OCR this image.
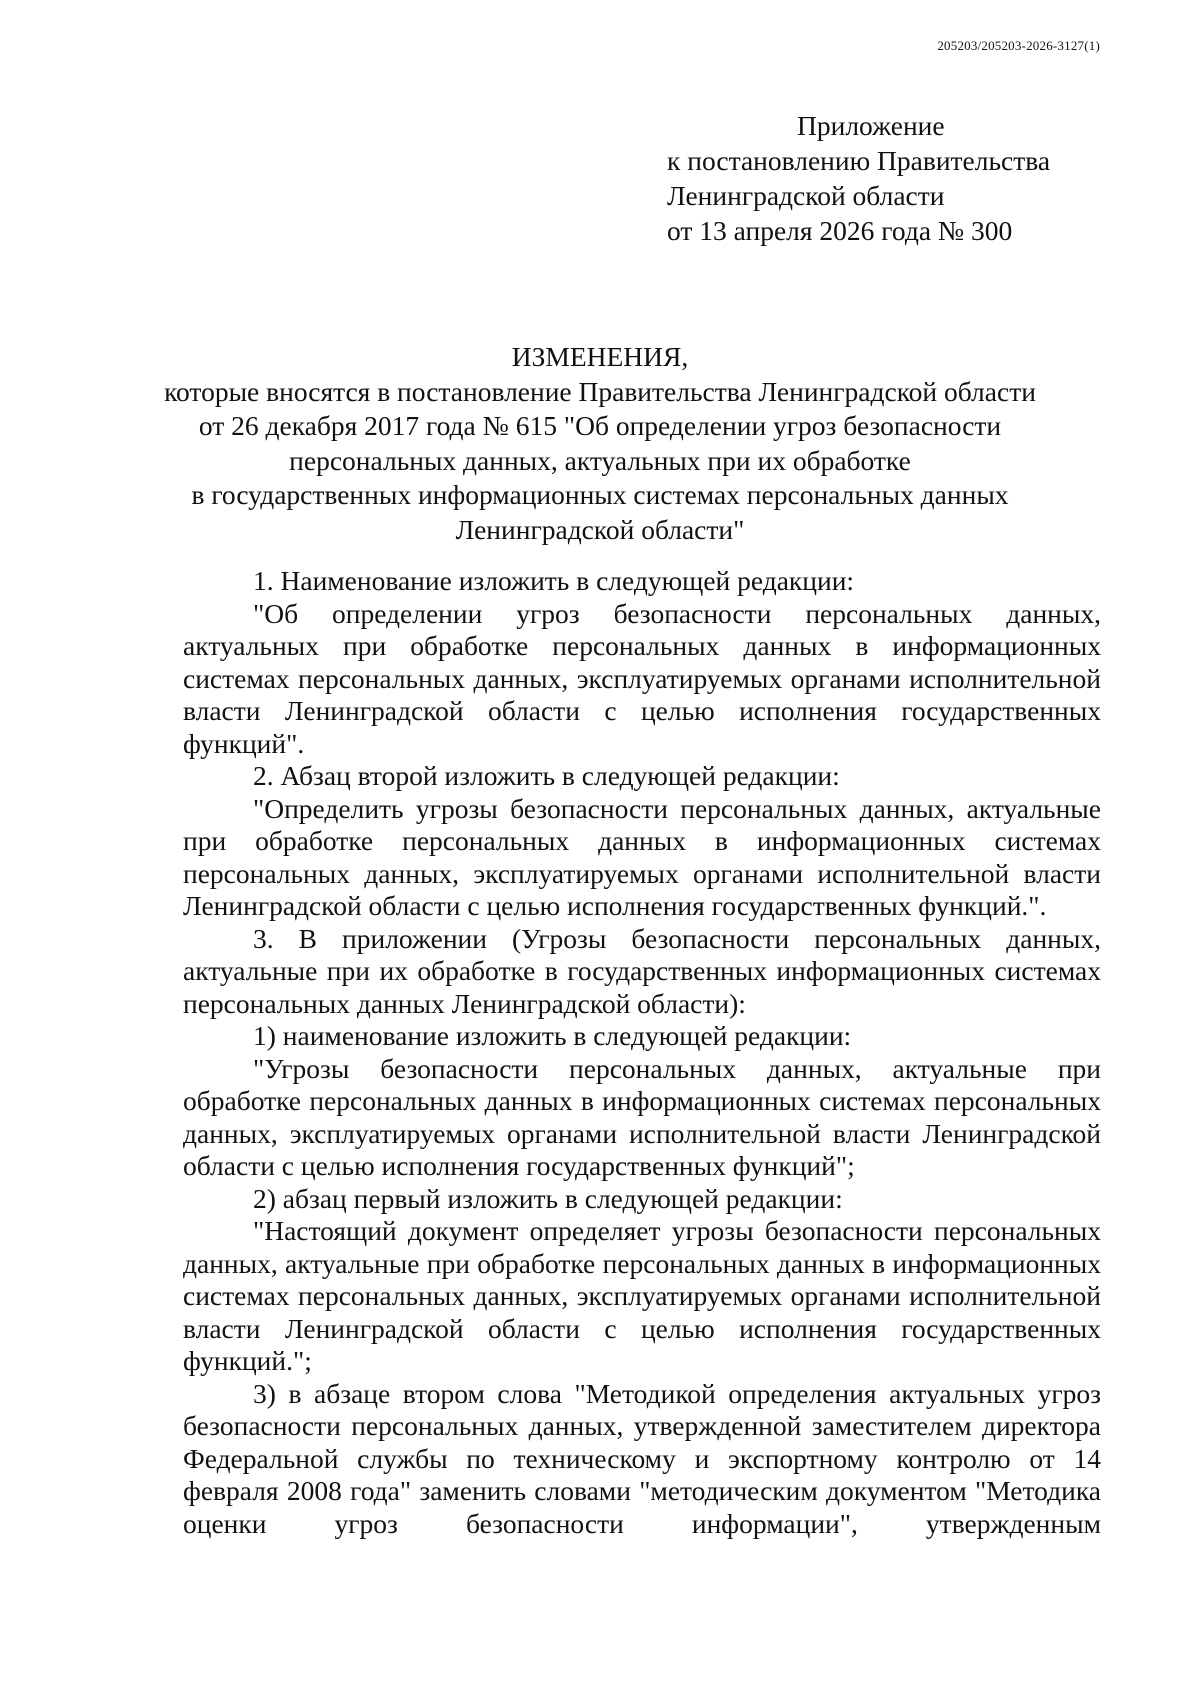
205203/205203-2026-3127(1)
Приложение
к постановлению Правительства
Ленинградской области
от 13 апреля 2026 года № 300
ИЗМЕНЕНИЯ,
которые вносятся в постановление Правительства Ленинградской области
от 26 декабря 2017 года № 615 "Об определении угроз безопасности
персональных данных, актуальных при их обработке
в государственных информационных системах персональных данных
Ленинградской области"

1. Наименование изложить в следующей редакции:

"Об определении угроз безопасности персональных данных, актуальных при обработке персональных данных в информационных системах персональных данных, эксплуатируемых органами исполнительной власти Ленинградской области с целью исполнения государственных функций".

2. Абзац второй изложить в следующей редакции:

"Определить угрозы безопасности персональных данных, актуальные при обработке персональных данных в информационных системах персональных данных, эксплуатируемых органами исполнительной власти Ленинградской области с целью исполнения государственных функций.".

3. В приложении (Угрозы безопасности персональных данных, актуальные при их обработке в государственных информационных системах персональных данных Ленинградской области):

1) наименование изложить в следующей редакции:

"Угрозы безопасности персональных данных, актуальные при обработке персональных данных в информационных системах персональных данных, эксплуатируемых органами исполнительной власти Ленинградской области с целью исполнения государственных функций";

2) абзац первый изложить в следующей редакции:

"Настоящий документ определяет угрозы безопасности персональных данных, актуальные при обработке персональных данных в информационных системах персональных данных, эксплуатируемых органами исполнительной власти Ленинградской области с целью исполнения государственных функций.";

3) в абзаце втором слова "Методикой определения актуальных угроз безопасности персональных данных, утвержденной заместителем директора Федеральной службы по техническому и экспортному контролю от 14 февраля 2008 года" заменить словами "методическим документом "Методика оценки угроз безопасности информации", утвержденным
